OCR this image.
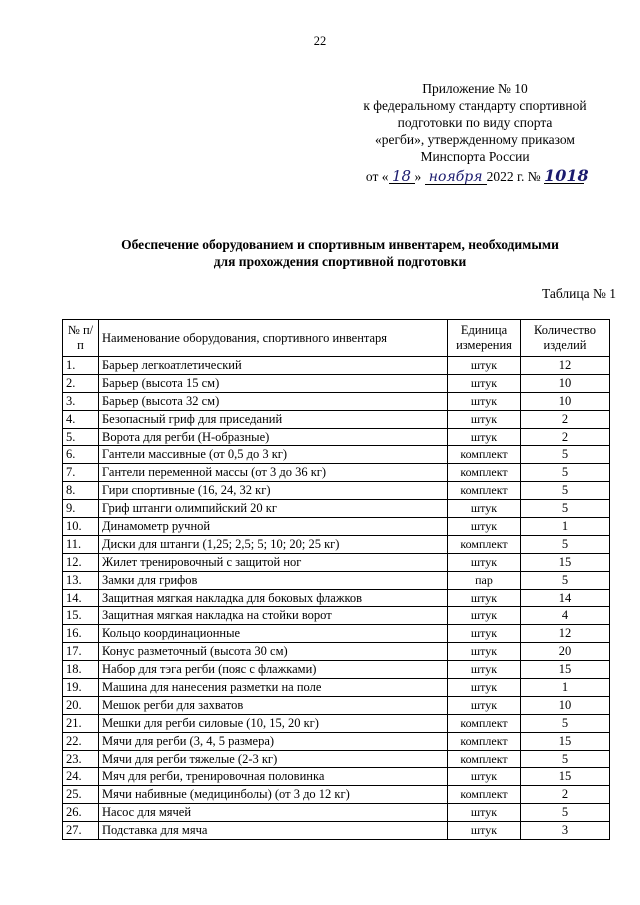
22
Приложение № 10
к федеральному стандарту спортивной
подготовки по виду спорта
«регби», утвержденному приказом
Минспорта России
от « 18 » ноября 2022 г. № 1018
Обеспечение оборудованием и спортивным инвентарем, необходимыми
для прохождения спортивной подготовки
Таблица № 1
№ п/п	Наименование оборудования, спортивного инвентаря	Единица измерения	Количество изделий
1.	Барьер легкоатлетический	штук	12
2.	Барьер (высота 15 см)	штук	10
3.	Барьер (высота 32 см)	штук	10
4.	Безопасный гриф для приседаний	штук	2
5.	Ворота для регби (Н-образные)	штук	2
6.	Гантели массивные (от 0,5 до 3 кг)	комплект	5
7.	Гантели переменной массы (от 3 до 36 кг)	комплект	5
8.	Гири спортивные (16, 24, 32 кг)	комплект	5
9.	Гриф штанги олимпийский 20 кг	штук	5
10.	Динамометр ручной	штук	1
11.	Диски для штанги (1,25; 2,5; 5; 10; 20; 25 кг)	комплект	5
12.	Жилет тренировочный с защитой ног	штук	15
13.	Замки для грифов	пар	5
14.	Защитная мягкая накладка для боковых флажков	штук	14
15.	Защитная мягкая накладка на стойки ворот	штук	4
16.	Кольцо координационные	штук	12
17.	Конус разметочный (высота 30 см)	штук	20
18.	Набор для тэга регби (пояс с флажками)	штук	15
19.	Машина для нанесения разметки на поле	штук	1
20.	Мешок регби для захватов	штук	10
21.	Мешки для регби силовые (10, 15, 20 кг)	комплект	5
22.	Мячи для регби (3, 4, 5 размера)	комплект	15
23.	Мячи для регби тяжелые (2-3 кг)	комплект	5
24.	Мяч для регби, тренировочная половинка	штук	15
25.	Мячи набивные (медицинболы) (от 3 до 12 кг)	комплект	2
26.	Насос для мячей	штук	5
27.	Подставка для мяча	штук	3
